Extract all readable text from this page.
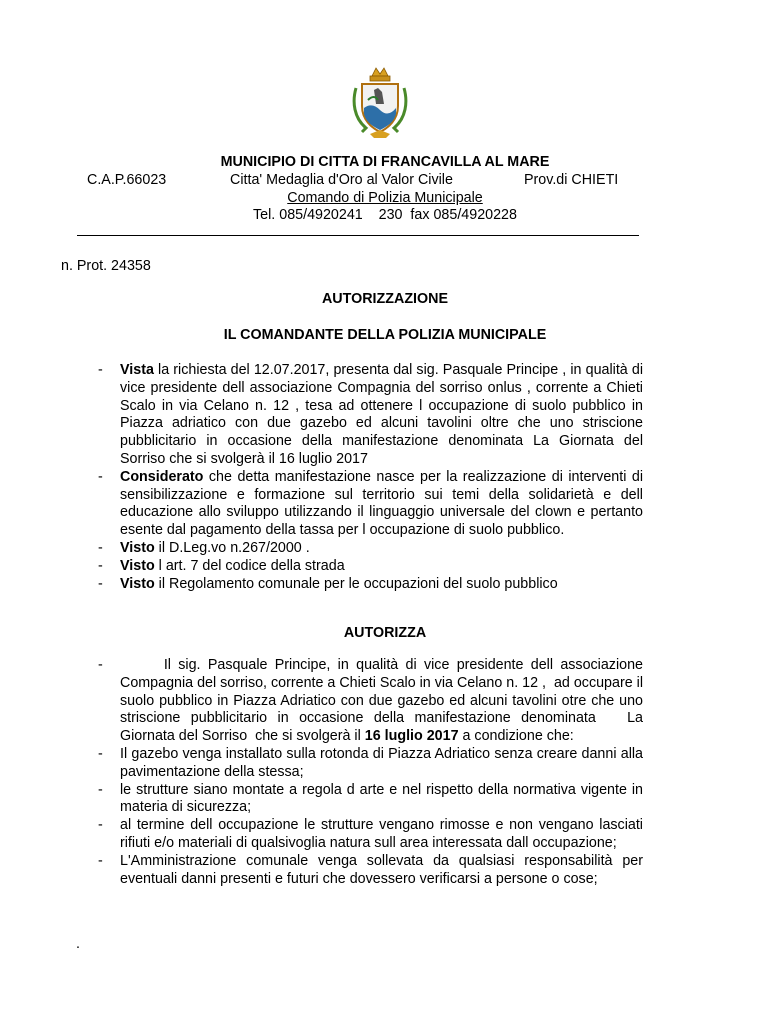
MUNICIPIO DI CITTA DI FRANCAVILLA AL MARE
C.A.P.66023	Citta' Medaglia d'Oro al Valor Civile	Prov.di CHIETI
Comando di Polizia Municipale
Tel. 085/4920241    230  fax 085/4920228
n. Prot. 24358
AUTORIZZAZIONE
IL COMANDANTE DELLA POLIZIA MUNICIPALE
- Vista la richiesta del 12.07.2017, presenta dal sig. Pasquale Principe , in qualità di vice presidente dell associazione Compagnia del sorriso onlus , corrente a Chieti Scalo in via Celano n. 12 , tesa ad ottenere l occupazione di suolo pubblico in Piazza adriatico con due gazebo ed alcuni tavolini oltre che uno striscione pubblicitario in occasione della manifestazione denominata La Giornata del Sorriso che si svolgerà il 16 luglio 2017
- Considerato che detta manifestazione nasce per la realizzazione di interventi di sensibilizzazione e formazione sul territorio sui temi della solidarietà e dell educazione allo sviluppo utilizzando il linguaggio universale del clown e pertanto esente dal pagamento della tassa per l occupazione di suolo pubblico.
- Visto il D.Leg.vo n.267/2000 .
- Visto l art. 7 del codice della strada
- Visto il Regolamento comunale per le occupazioni del suolo pubblico
AUTORIZZA
-       Il sig. Pasquale Principe, in qualità di vice presidente dell associazione Compagnia del sorriso, corrente a Chieti Scalo in via Celano n. 12 ,  ad occupare il suolo pubblico in Piazza Adriatico con due gazebo ed alcuni tavolini otre che uno striscione pubblicitario in occasione della manifestazione denominata   La Giornata del Sorriso  che si svolgerà il 16 luglio 2017 a condizione che:
- Il gazebo venga installato sulla rotonda di Piazza Adriatico senza creare danni alla pavimentazione della stessa;
- le strutture siano montate a regola d arte e nel rispetto della normativa vigente in materia di sicurezza;
- al termine dell occupazione le strutture vengano rimosse e non vengano lasciati rifiuti e/o materiali di qualsivoglia natura sull area interessata dall occupazione;
- L'Amministrazione comunale venga sollevata da qualsiasi responsabilità per eventuali danni presenti e futuri che dovessero verificarsi a persone o cose;
.
